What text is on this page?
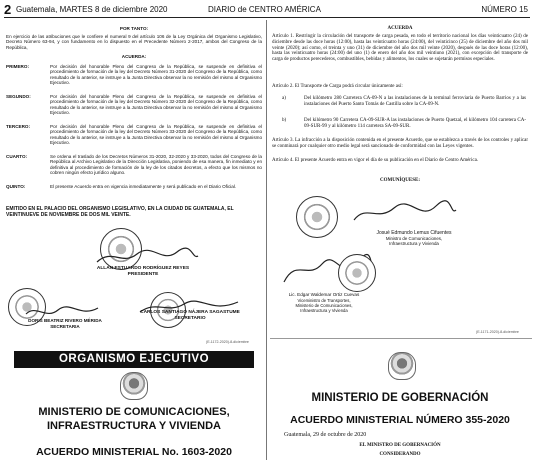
2 Guatemala, MARTES 8 de diciembre 2020	DIARIO de CENTRO AMÉRICA	NÚMERO 15
POR TANTO:
En ejercicio de las atribuciones que le confiere el numeral 9 del artículo 106 de la Ley Orgánica del Organismo Legislativo, Decreto Número 63-94, y con fundamento en lo dispuesto en el Precedente Número 2-2017, ambos del Congreso de la República,
ACUERDA:
PRIMERO:	Por decisión del honorable Pleno del Congreso de la República, se suspende en definitiva el procedimiento de formación de la ley del Decreto Número 31-2020 del Congreso de la República, como resultado de lo anterior, se instruye a la Junta Directiva observar la no remisión del mismo al Organismo Ejecutivo.
SEGUNDO:	Por decisión del honorable Pleno del Congreso de la República, se suspende en definitiva el procedimiento de formación de la ley del Decreto Número 32-2020 del Congreso de la República, como resultado de lo anterior, se instruye a la Junta Directiva observar la no remisión del mismo al Organismo Ejecutivo.
TERCERO:	Por decisión del honorable Pleno del Congreso de la República, se suspende en definitiva el procedimiento de formación de la ley del Decreto Número 33-2020 del Congreso de la República, como resultado de lo anterior, se instruye a la Junta Directiva observar la no remisión del mismo al Organismo Ejecutivo.
CUARTO:	Se ordena el traslado de los Decretos Números 31-2020, 32-2020 y 33-2020, todos del Congreso de la República al Archivo Legislativo de la Dirección Legislativa, poniendo de esa manera, fin inmediato y en definitiva al procedimiento de formación de la ley de los citados decretos, a efecto que los mismos no cobren ningún efecto jurídico alguno.
QUINTO:	El presente Acuerdo entra en vigencia inmediatamente y será publicado en el Diario Oficial.
EMITIDO EN EL PALACIO DEL ORGANISMO LEGISLATIVO, EN LA CIUDAD DE GUATEMALA, EL VEINTINUEVE DE NOVIEMBRE DE DOS MIL VEINTE.
ALLAN ESTUARDO RODRÍGUEZ REYES
PRESIDENTE
DORIS BEATRIZ RIVERO MÉRIDA
SECRETARIA
CARLOS SANTIAGO NÁJERA SAGASTUME
SECRETARIO
(E-1172-2020)-8-diciembre
ORGANISMO EJECUTIVO
MINISTERIO DE COMUNICACIONES,
INFRAESTRUCTURA Y VIVIENDA
ACUERDO MINISTERIAL No. 1603-2020
ACUERDA
Artículo 1. Restringir la circulación del transporte de carga pesada, en todo el territorio nacional los días veinticuatro (24) de diciembre desde las doce horas (12:00), hasta las veinticuatro horas (24:00), del veinticinco (25) de diciembre del año dos mil veinte (2020); así como, el treinta y uno (31) de diciembre del año dos mil veinte (2020), después de las doce horas (12:00), hasta las veinticuatro horas (24:00) del uno (1) de enero del año dos mil veintiuno (2021), con excepción del transporte de carga de productos perecederos, combustibles, bebidas y alimentos, los cuales se sujetarán permisos especiales.
Artículo 2. El Transporte de Carga podrá circular únicamente así:
a)	Del kilómetro 280 Carretera CA-09-N a las instalaciones de la terminal ferroviaria de Puerto Barrios y a las instalaciones del Puerto Santo Tomás de Castilla sobre la CA-09-N.
b)	Del kilómetro 90 Carretera CA-09-SUR-A las instalaciones de Puerto Quetzal, el kilómetro 104 carretera CA-09-SUR-99 y al kilómetro 114 carretera SA-09-SUR.
Artículo 3. La infracción a la disposición contenida en el presente Acuerdo, que se establezca a través de los controles y aplicar se conminará por cualquier otro medio legal será sancionado de conformidad con las Leyes vigentes.
Artículo 4. El presente Acuerdo entra en vigor el día de su publicación en el Diario de Centro América.
COMUNÍQUESE:
Josué Edmundo Lemus Cifuentes
Ministro de Comunicaciones,
Infraestructura y Vivienda
Lic. Edgar Waldemar Ortiz Cuevas
Viceministro de Transportes,
Ministerio de Comunicaciones,
Infraestructura y Vivienda
(E-1171-2020)-8-diciembre
MINISTERIO DE GOBERNACIÓN
ACUERDO MINISTERIAL NÚMERO 355-2020
Guatemala, 29 de octubre de 2020
EL MINISTRO DE GOBERNACIÓN
CONSIDERANDO
